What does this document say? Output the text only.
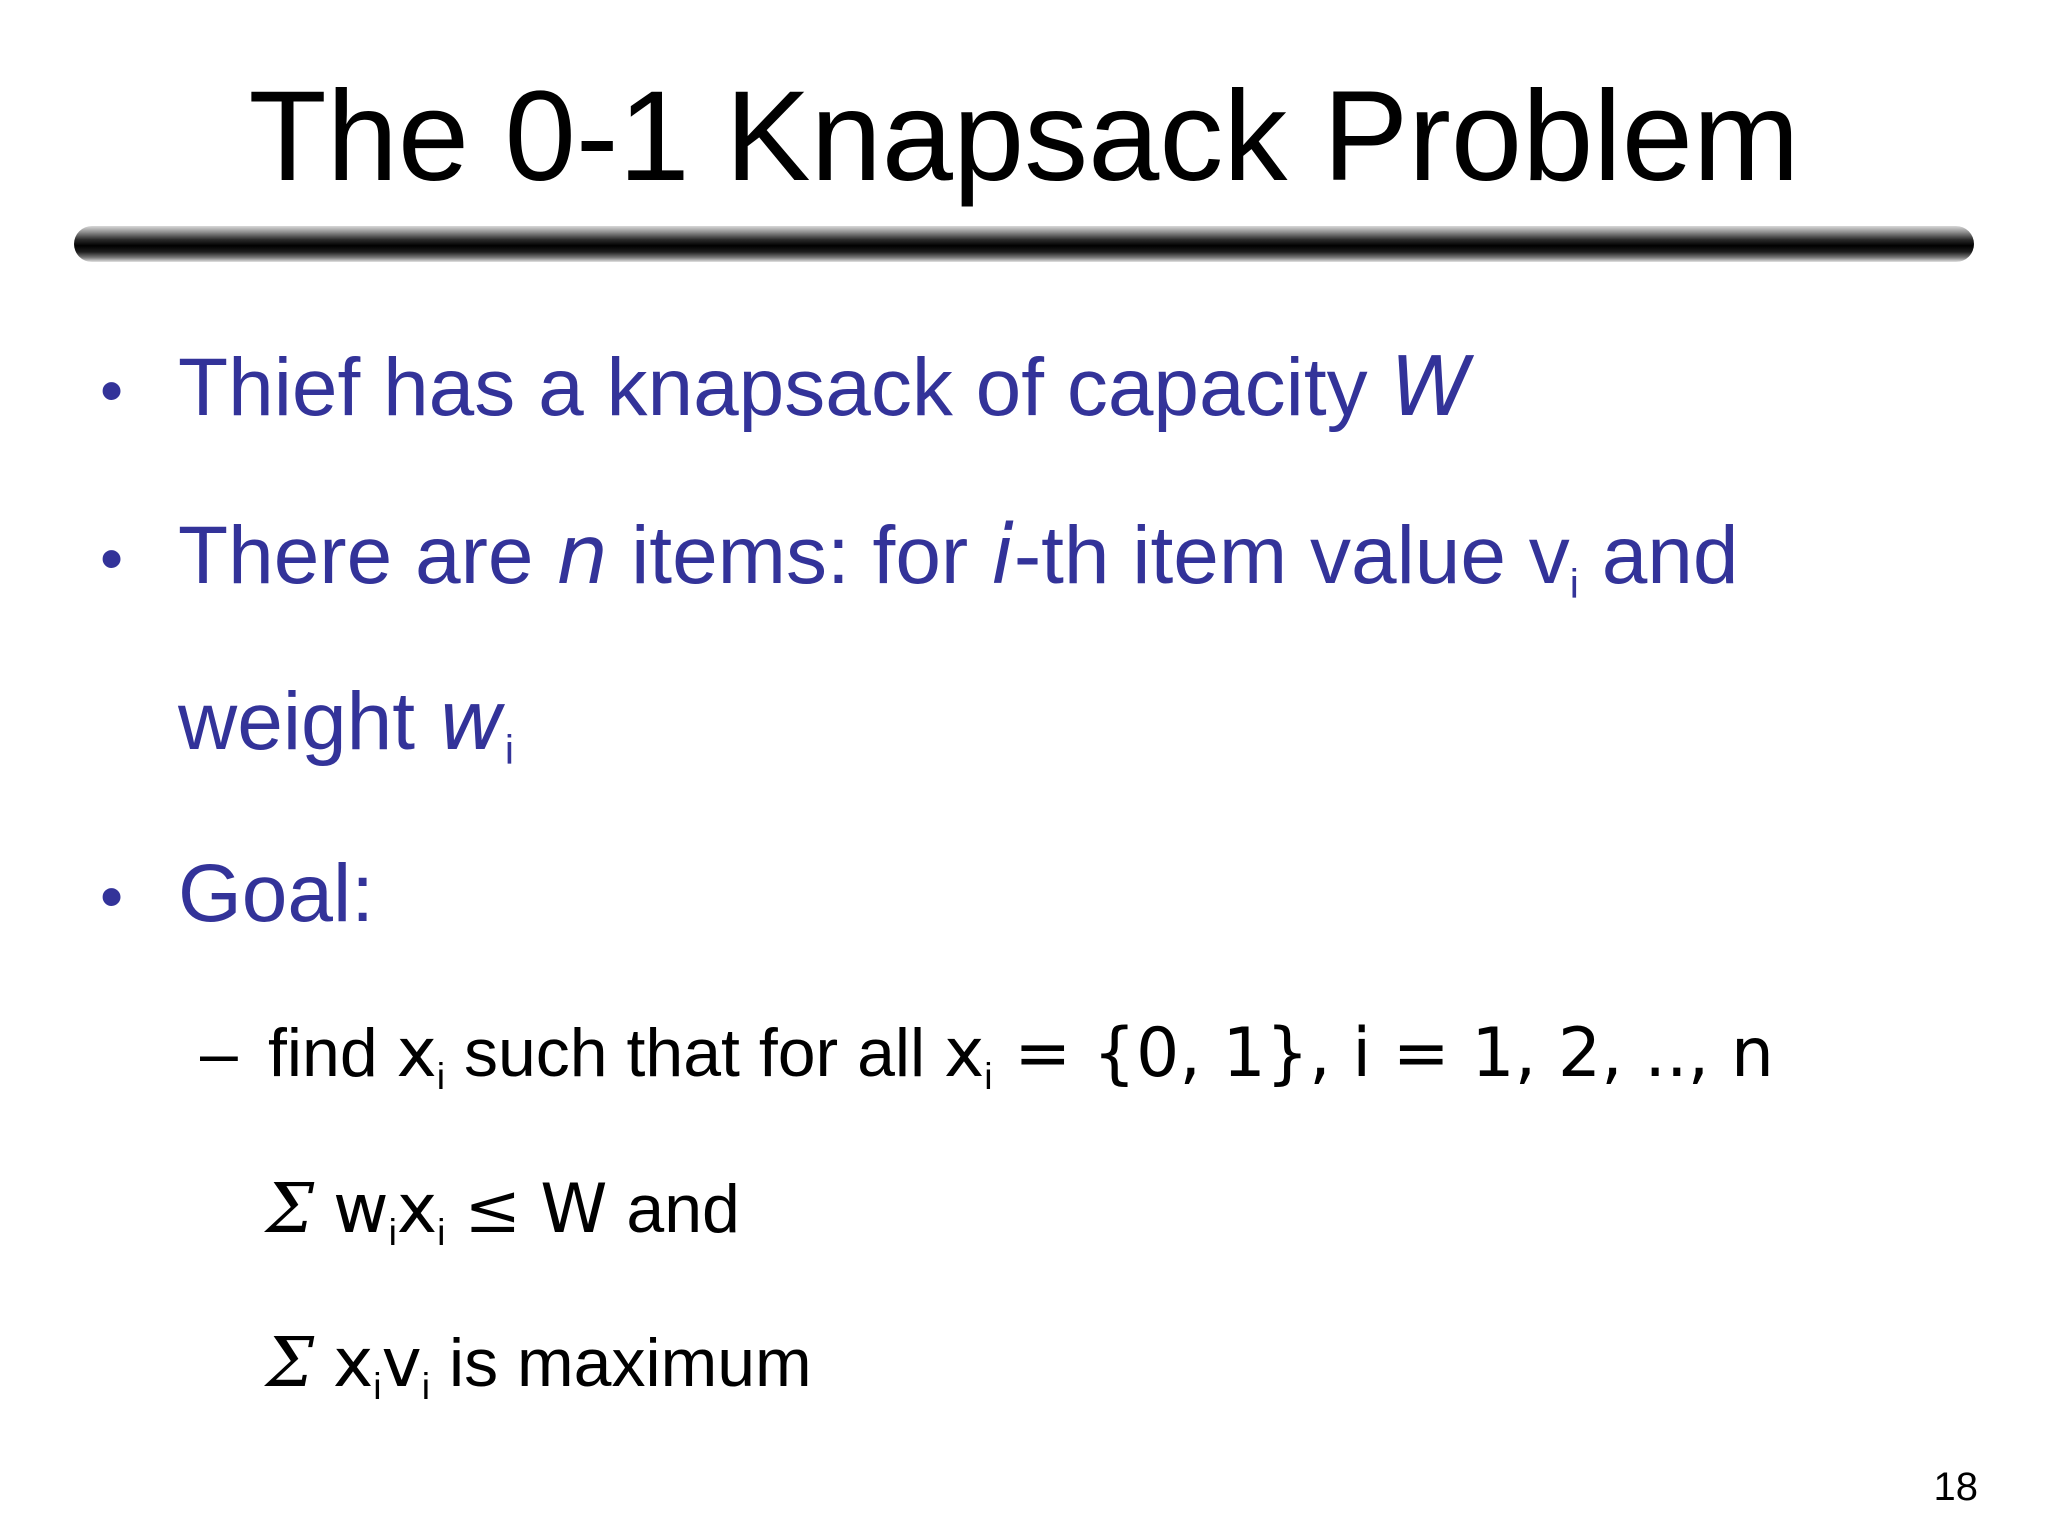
The 0-1 Knapsack Problem
• Thief has a knapsack of capacity W
• There are n items: for i-th item value $v_i$ and
weight $w_i$
• Goal:
– find xi such that for all xi = {0, 1}, i = 1, 2, .., n
Σ wixi ≤ W and
Σ xivi is maximum
18
